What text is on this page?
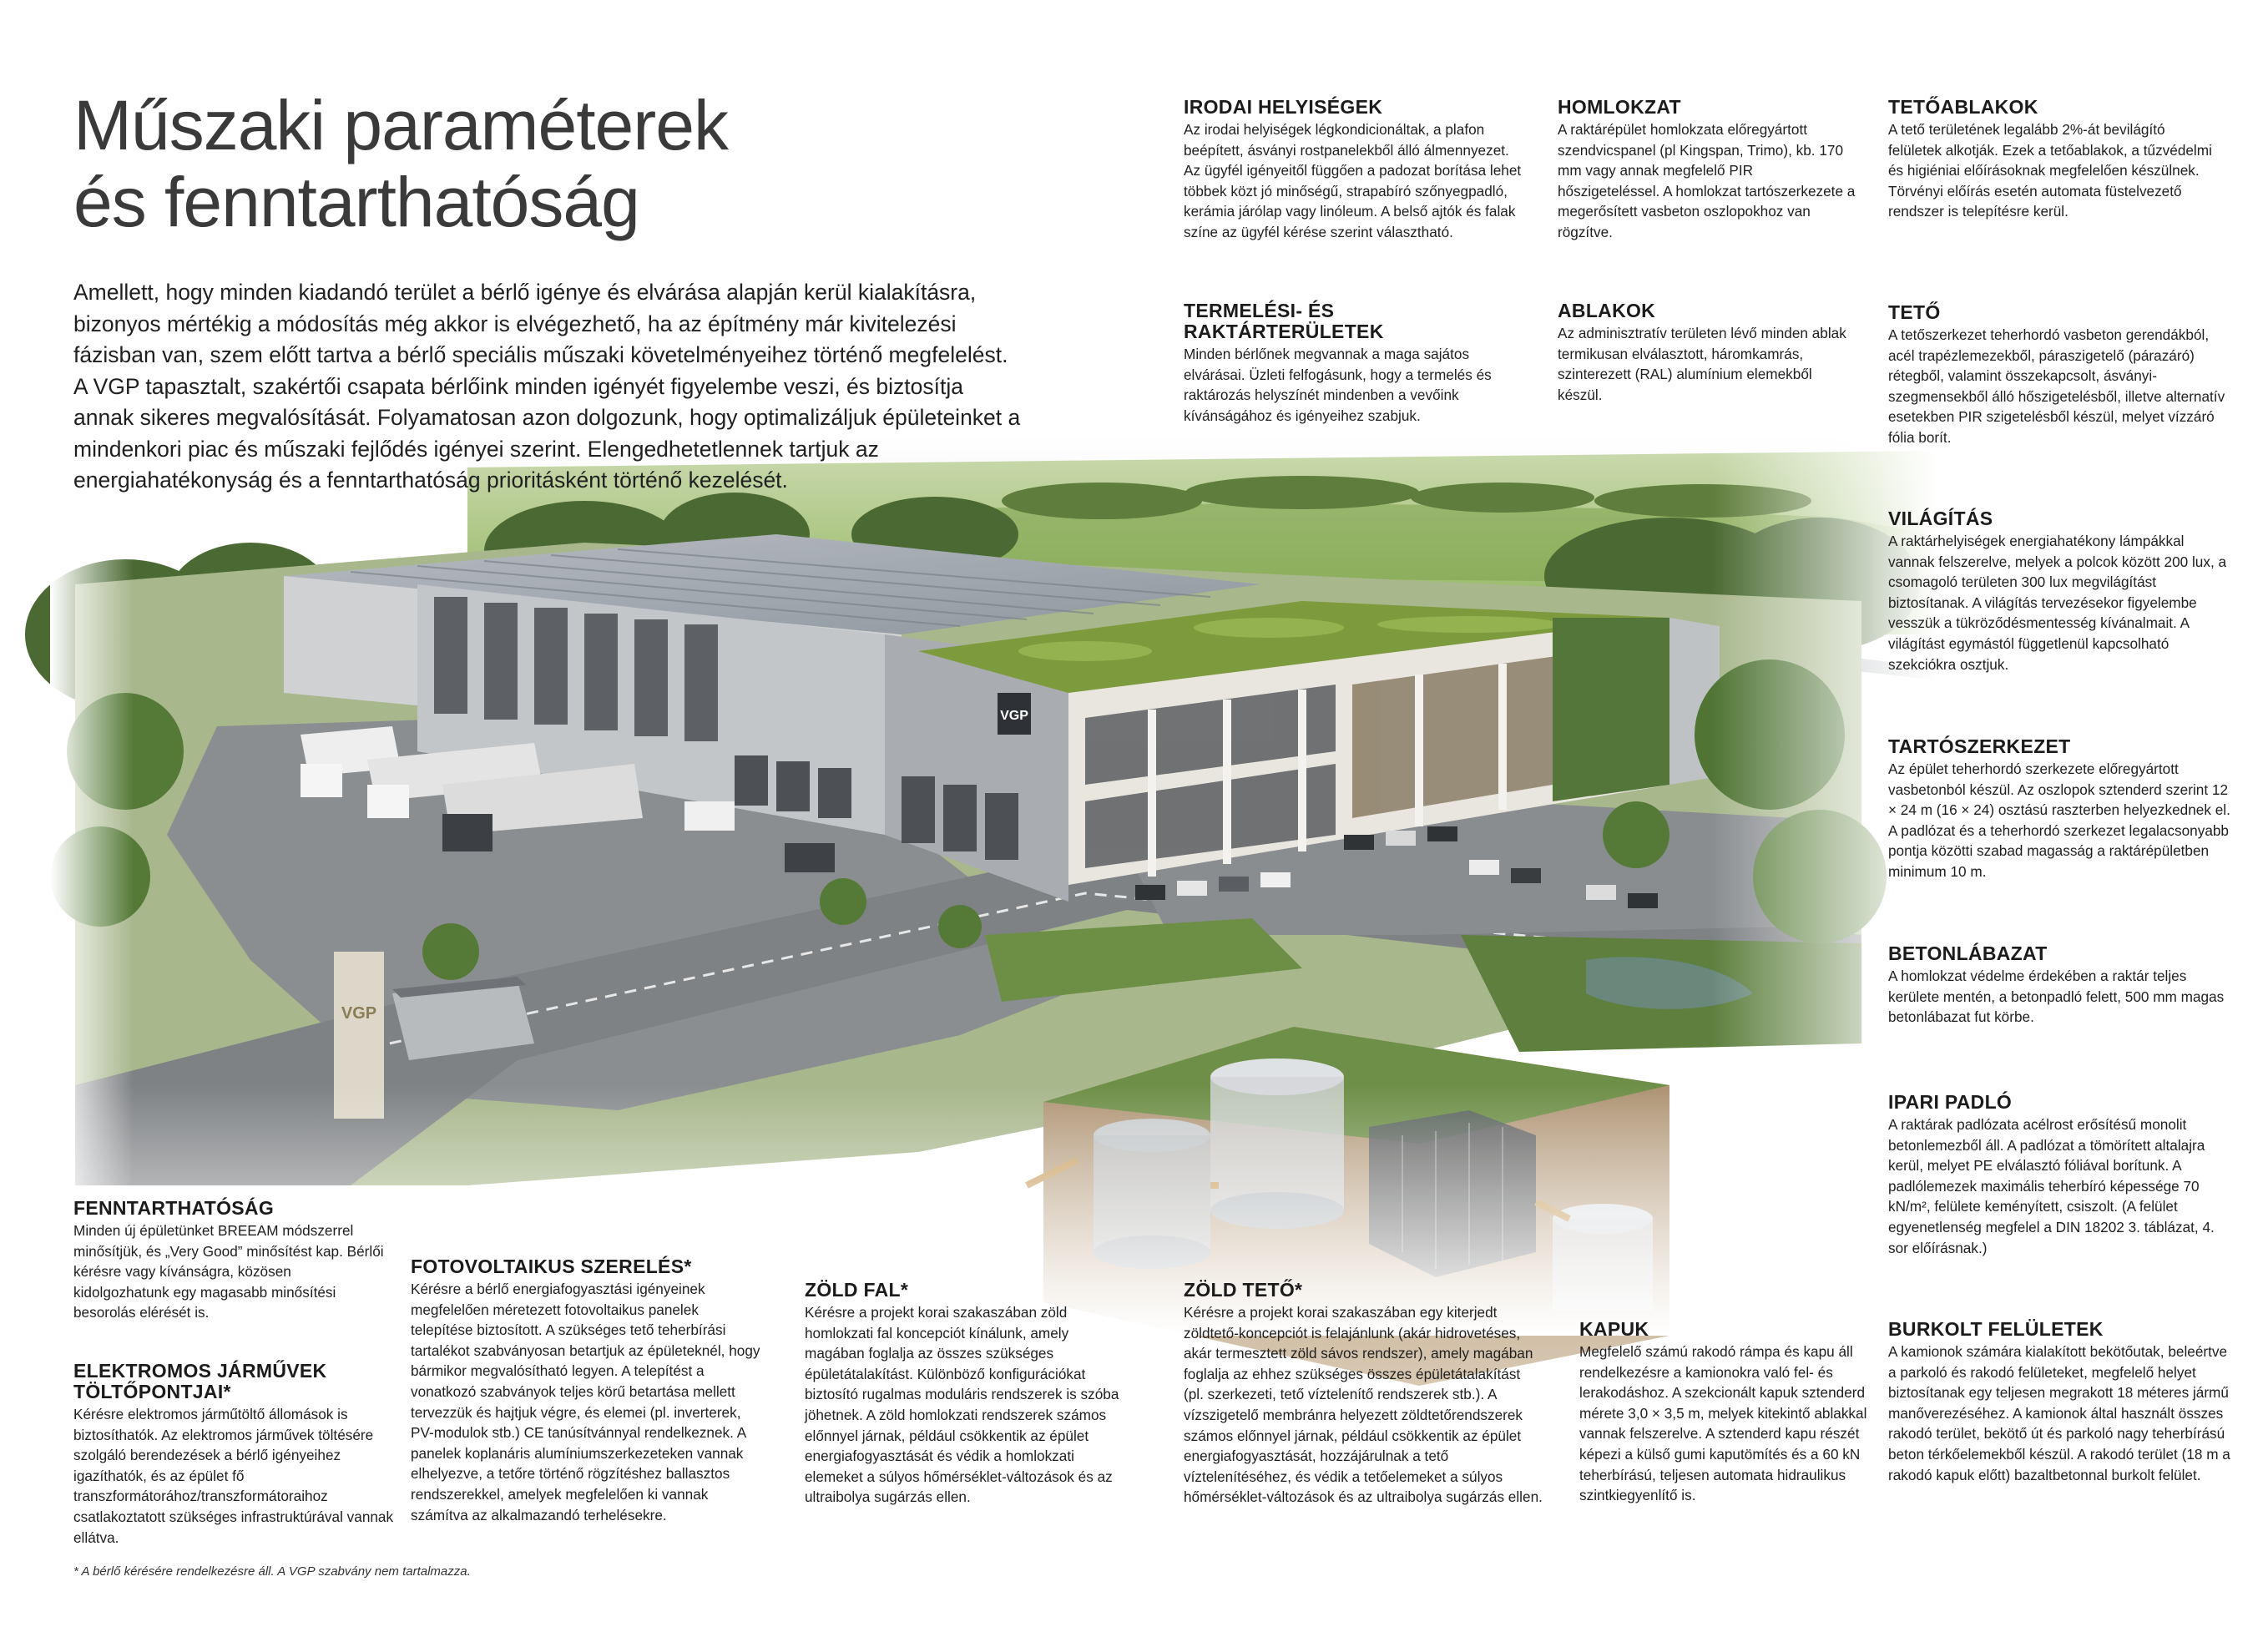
VGP
VGP
Műszaki paraméterek
és fenntarthatóság

Amellett, hogy minden kiadandó terület a bérlő igénye és elvárása alapján kerül kialakításra, bizonyos mértékig a módosítás még akkor is elvégezhető, ha az építmény már kivitelezési fázisban van, szem előtt tartva a bérlő speciális műszaki követelményeihez történő megfelelést. A VGP tapasztalt, szakértői csapata bérlőink minden igényét figyelembe veszi, és biztosítja annak sikeres megvalósítását. Folyamatosan azon dolgozunk, hogy optimalizáljuk épületeinket a mindenkori piac és műszaki fejlődés igényei szerint. Elengedhetetlennek tartjuk az energiahatékonyság és a fenntarthatóság prioritásként történő kezelését.

IRODAI HELYISÉGEK

Az irodai helyiségek légkondicionáltak, a plafon beépített, ásványi rostpanelekből álló álmennyezet. Az ügyfél igényeitől függően a padozat borítása lehet többek közt jó minőségű, strapabíró szőnyegpadló, kerámia járólap vagy linóleum. A belső ajtók és falak színe az ügyfél kérése szerint választható.

HOMLOKZAT

A raktárépület homlokzata előregyártott szendvicspanel (pl Kingspan, Trimo), kb. 170 mm vagy annak megfelelő PIR hőszigeteléssel. A homlokzat tartószerkezete a megerősített vasbeton oszlopokhoz van rögzítve.

TETŐABLAKOK

A tető területének legalább 2%-át bevilágító felületek alkotják. Ezek a tetőablakok, a tűzvédelmi és higiéniai előírásoknak megfelelően készülnek. Törvényi előírás esetén automata füstelvezető rendszer is telepítésre kerül.

TERMELÉSI- ÉS
RAKTÁRTERÜLETEK

Minden bérlőnek megvannak a maga sajátos elvárásai. Üzleti felfogásunk, hogy a termelés és raktározás helyszínét mindenben a vevőink kívánságához és igényeihez szabjuk.

ABLAKOK

Az adminisztratív területen lévő minden ablak termikusan elválasztott, háromkamrás, szinterezett (RAL) alumínium elemekből készül.

TETŐ

A tetőszerkezet teherhordó vasbeton gerendákból, acél trapézlemezekből, páraszigetelő (párazáró) rétegből, valamint összekapcsolt, ásványi-szegmensekből álló hőszigetelésből, illetve alternatív esetekben PIR szigetelésből készül, melyet vízzáró fólia borít.

VILÁGÍTÁS

A raktárhelyiségek energiahatékony lámpákkal vannak felszerelve, melyek a polcok között 200 lux, a csomagoló területen 300 lux megvilágítást biztosítanak. A világítás tervezésekor figyelembe vesszük a tükröződésmentesség kívánalmait. A világítást egymástól függetlenül kapcsolható szekciókra osztjuk.

TARTÓSZERKEZET

Az épület teherhordó szerkezete előregyártott vasbetonból készül. Az oszlopok sztenderd szerint 12 × 24 m (16 × 24) osztású raszterben helyezkednek el. A padlózat és a teherhordó szerkezet legalacsonyabb pontja közötti szabad magasság a raktárépületben minimum 10 m.

BETONLÁBAZAT

A homlokzat védelme érdekében a raktár teljes kerülete mentén, a betonpadló felett, 500 mm magas betonlábazat fut körbe.

IPARI PADLÓ

A raktárak padlózata acélrost erősítésű monolit betonlemezből áll. A padlózat a tömörített altalajra kerül, melyet PE elválasztó fóliával borítunk. A padlólemezek maximális teherbíró képessége 70 kN/m², felülete keményített, csiszolt. (A felület egyenetlenség megfelel a DIN 18202 3. táblázat, 4. sor előírásnak.)

BURKOLT FELÜLETEK

A kamionok számára kialakított bekötőutak, beleértve a parkoló és rakodó felületeket, megfelelő helyet biztosítanak egy teljesen megrakott 18 méteres jármű manőverezéséhez. A kamionok által használt összes rakodó terület, bekötő út és parkoló nagy teherbírású beton térkőelemekből készül. A rakodó terület (18 m a rakodó kapuk előtt) bazaltbetonnal burkolt felület.

FENNTARTHATÓSÁG

Minden új épületünket BREEAM módszerrel minősítjük, és „Very Good” minősítést kap. Bérlői kérésre vagy kívánságra, közösen kidolgozhatunk egy magasabb minősítési besorolás elérését is.

ELEKTROMOS JÁRMŰVEK
TÖLTŐPONTJAI*

Kérésre elektromos járműtöltő állomások is biztosíthatók. Az elektromos járművek töltésére szolgáló berendezések a bérlő igényeihez igazíthatók, és az épület fő transzformátorához/transzformátoraihoz csatlakoztatott szükséges infrastruktúrával vannak ellátva.

FOTOVOLTAIKUS SZERELÉS*

Kérésre a bérlő energiafogyasztási igényeinek megfelelően méretezett fotovoltaikus panelek telepítése biztosított. A szükséges tető teherbírási tartalékot szabványosan betartjuk az épületeknél, hogy bármikor megvalósítható legyen. A telepítést a vonatkozó szabványok teljes körű betartása mellett tervezzük és hajtjuk végre, és elemei (pl. inverterek, PV-modulok stb.) CE tanúsítvánnyal rendelkeznek. A panelek koplanáris alumíniumszerkezeteken vannak elhelyezve, a tetőre történő rögzítéshez ballasztos rendszerekkel, amelyek megfelelően ki vannak számítva az alkalmazandó terhelésekre.

ZÖLD FAL*

Kérésre a projekt korai szakaszában zöld homlokzati fal koncepciót kínálunk, amely magában foglalja az összes szükséges épületátalakítást. Különböző konfigurációkat biztosító rugalmas moduláris rendszerek is szóba jöhetnek. A zöld homlokzati rendszerek számos előnnyel járnak, például csökkentik az épület energiafogyasztását és védik a homlokzati elemeket a súlyos hőmérséklet-változások és az ultraibolya sugárzás ellen.

ZÖLD TETŐ*

Kérésre a projekt korai szakaszában egy kiterjedt zöldtető-koncepciót is felajánlunk (akár hidrovetéses, akár termesztett zöld sávos rendszer), amely magában foglalja az ehhez szükséges összes épületátalakítást (pl. szerkezeti, tető víztelenítő rendszerek stb.). A vízszigetelő membránra helyezett zöldtetőrendszerek számos előnnyel járnak, például csökkentik az épület energiafogyasztását, hozzájárulnak a tető víztelenítéséhez, és védik a tetőelemeket a súlyos hőmérséklet-változások és az ultraibolya sugárzás ellen.

KAPUK

Megfelelő számú rakodó rámpa és kapu áll rendelkezésre a kamionokra való fel- és lerakodáshoz. A szekcionált kapuk sztenderd mérete 3,0 × 3,5 m, melyek kitekintő ablakkal vannak felszerelve. A sztenderd kapu részét képezi a külső gumi kaputömítés és a 60 kN teherbírású, teljesen automata hidraulikus szintkiegyenlítő is.

* A bérlő kérésére rendelkezésre áll. A VGP szabvány nem tartalmazza.
